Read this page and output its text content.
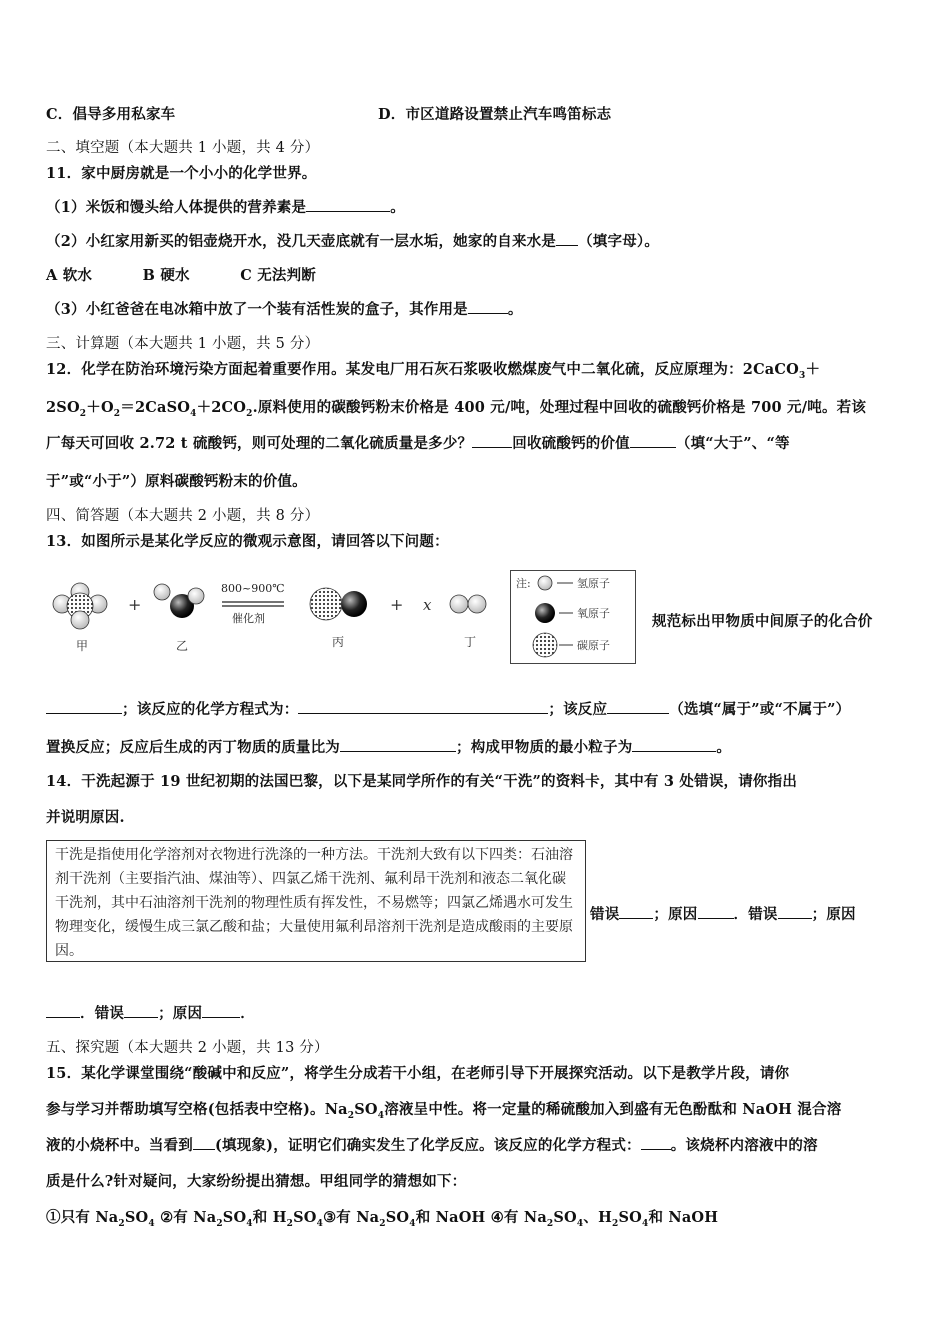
C．倡导多用私家车	D．市区道路设置禁止汽车鸣笛标志
二、填空题（本大题共 1 小题，共 4 分）
11．家中厨房就是一个小小的化学世界。
（1）米饭和馒头给人体提供的营养素是	。
（2）小红家用新买的铝壶烧开水，没几天壶底就有一层水垢，她家的自来水是 （填字母）。
A 软水	B 硬水	C 无法判断
（3）小红爸爸在电冰箱中放了一个装有活性炭的盒子，其作用是	。
三、计算题（本大题共 1 小题，共 5 分）
12．化学在防治环境污染方面起着重要作用。某发电厂用石灰石浆吸收燃煤废气中二氧化硫，反应原理为：2CaCO$_3$＋
$2SO_2+O_2=2CaSO_4+2CO_2$.原料使用的碳酸钙粉末价格是 400 元/吨，处理过程中回收的硫酸钙价格是 700 元/吨。若该
厂每天可回收 2.72 t 硫酸钙，则可处理的二氧化硫质量是多少？	回收硫酸钙的价值	（填“大于”、“等
于”或“小于”）原料碳酸钙粉末的价值。
四、简答题（本大题共 2 小题，共 8 分）
13．如图所示是某化学反应的微观示意图，请回答以下问题：
甲
+
乙
800~900℃
催化剂
丙
+ x
丁
注:	氢原子
氧原子
碳原子
规范标出甲物质中间原子的化合价
；该反应的化学方程式为：	；该反应	（选填“属于”或“不属于”）
置换反应；反应后生成的丙丁物质的质量比为	；构成甲物质的最小粒子为	。
14．干洗起源于 19 世纪初期的法国巴黎，以下是某同学所作的有关“干洗”的资料卡，其中有 3 处错误，请你指出
并说明原因.
干洗是指使用化学溶剂对衣物进行洗涤的一种方法。干洗剂大致有以下四类：石油溶剂干洗剂（主要指汽油、煤油等）、四氯乙烯干洗剂、氟利昂干洗剂和液态二氧化碳干洗剂，其中石油溶剂干洗剂的物理性质有挥发性，不易燃等；四氯乙烯遇水可发生物理变化，缓慢生成三氯乙酸和盐；大量使用氟利昂溶剂干洗剂是造成酸雨的主要原因。
错误 ；原因 ．错误 ；原因
．错误 ；原因	．
五、探究题（本大题共 2 小题，共 13 分）
15．某化学课堂围绕“酸碱中和反应”，将学生分成若干小组，在老师引导下开展探究活动。以下是教学片段，请你
参与学习并帮助填写空格(包括表中空格)。$Na_2SO_4$溶液呈中性。将一定量的稀硫酸加入到盛有无色酚酞和 NaOH 混合溶
液的小烧杯中。当看到 (填现象)，证明它们确实发生了化学反应。该反应的化学方程式： 。该烧杯内溶液中的溶
质是什么?针对疑问，大家纷纷提出猜想。甲组同学的猜想如下：
①只有 $Na_2SO_4$ ②有 $Na_2SO_4$和 $H_2SO_4③$有 $Na_2SO_4$和 NaOH ④有 $Na_2SO_4$、$H_2SO_4$和 NaOH
